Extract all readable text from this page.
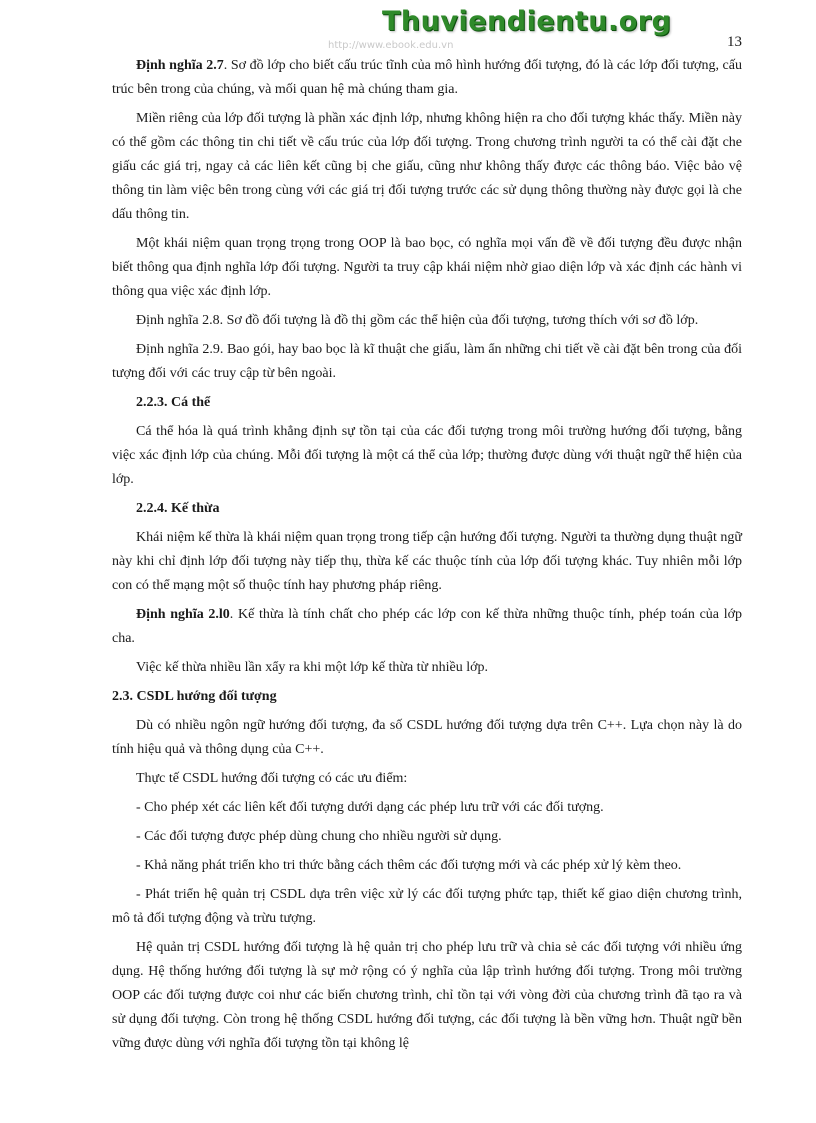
Thuviendientu.org
http://www.ebook.edu.vn	13

Định nghĩa 2.7. Sơ đồ lớp cho biết cấu trúc tĩnh của mô hình hướng đối tượng, đó là các lớp đối tượng, cấu trúc bên trong của chúng, và mối quan hệ mà chúng tham gia.

Miền riêng của lớp đối tượng là phần xác định lớp, nhưng không hiện ra cho đối tượng khác thấy. Miền này có thể gồm các thông tin chi tiết về cấu trúc của lớp đối tượng. Trong chương trình người ta có thể cài đặt che giấu các giá trị, ngay cả các liên kết cũng bị che giấu, cũng như không thấy được các thông báo. Việc bảo vệ thông tin làm việc bên trong cùng với các giá trị đối tượng trước các sử dụng thông thường này được gọi là che dấu thông tin.

Một khái niệm quan trọng trọng trong OOP là bao bọc, có nghĩa mọi vấn đề về đối tượng đều được nhận biết thông qua định nghĩa lớp đối tượng. Người ta truy cập khái niệm nhờ giao diện lớp và xác định các hành vi thông qua việc xác định lớp.

Định nghĩa 2.8. Sơ đồ đối tượng là đồ thị gồm các thể hiện của đối tượng, tương thích với sơ đồ lớp.

Định nghĩa 2.9. Bao gói, hay bao bọc là kĩ thuật che giấu, làm ẩn những chi tiết về cài đặt bên trong của đối tượng đối với các truy cập từ bên ngoài.

2.2.3. Cá thể

Cá thể hóa là quá trình khẳng định sự tồn tại của các đối tượng trong môi trường hướng đối tượng, bằng việc xác định lớp của chúng. Mỗi đối tượng là một cá thể của lớp; thường được dùng với thuật ngữ thể hiện của lớp.

2.2.4. Kế thừa

Khái niệm kế thừa là khái niệm quan trọng trong tiếp cận hướng đối tượng. Người ta thường dụng thuật ngữ này khi chỉ định lớp đối tượng này tiếp thụ, thừa kế các thuộc tính của lớp đối tượng khác. Tuy nhiên mỗi lớp con có thể mạng một số thuộc tính hay phương pháp riêng.

Định nghĩa 2.l0. Kế thừa là tính chất cho phép các lớp con kế thừa những thuộc tính, phép toán của lớp cha.

Việc kế thừa nhiều lần xẩy ra khi một lớp kế thừa từ nhiều lớp.

2.3. CSDL hướng đối tượng

Dù có nhiều ngôn ngữ hướng đối tượng, đa số CSDL hướng đối tượng dựa trên C++. Lựa chọn này là do tính hiệu quả và thông dụng của C++.

Thực tế CSDL hướng đối tượng có các ưu điểm:

- Cho phép xét các liên kết đối tượng dưới dạng các phép lưu trữ với các đối tượng.

- Các đối tượng được phép dùng chung cho nhiều người sử dụng.

- Khả năng phát triển kho tri thức bằng cách thêm các đối tượng mới và các phép xử lý kèm theo.

- Phát triển hệ quản trị CSDL dựa trên việc xử lý các đối tượng phức tạp, thiết kế giao diện chương trình, mô tả đối tượng động và trừu tượng.

Hệ quản trị CSDL hướng đối tượng là hệ quản trị cho phép lưu trữ và chia sẻ các đối tượng với nhiều ứng dụng. Hệ thống hướng đối tượng là sự mở rộng có ý nghĩa của lập trình hướng đối tượng. Trong môi trường OOP các đối tượng được coi như các biến chương trình, chỉ tồn tại với vòng đời của chương trình đã tạo ra và sử dụng đối tượng. Còn trong hệ thống CSDL hướng đối tượng, các đối tượng là bền vững hơn. Thuật ngữ bền vững được dùng với nghĩa đối tượng tồn tại không lệ
